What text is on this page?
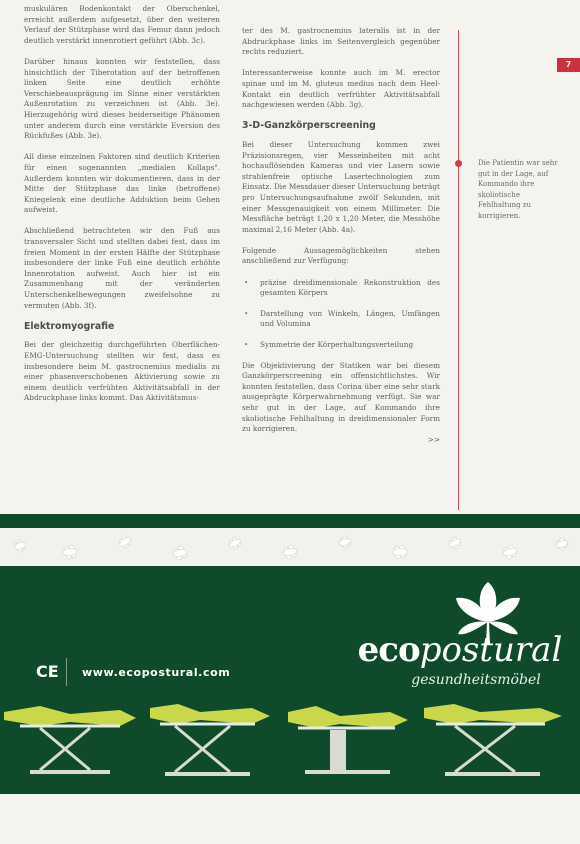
muskulären Bodenkontakt der Oberschenkel, erreicht außerdem aufgesetzt, über den weiteren Verlauf der Stützphase wird das Femur dann jedoch deutlich verstärkt innenrotiert geführt (Abb. 3c).

Darüber hinaus konnten wir feststellen, dass hinsichtlich der Tiberotation auf der betroffenen linken Seite eine deutlich erhöhte Verschiebeausprägung im Sinne einer verstärkten Außenrotation zu verzeichnen ist (Abb. 3e). Hierzugehörig wird dieses beiderseitige Phänomen unter anderem durch eine verstärkte Eversion des Rückfußes (Abb. 3e).

All diese einzelnen Faktoren sind deutlich Kriterien für einen sogenannten „medialen Kollaps". Außerdem konnten wir dokumentieren, dass in der Mitte der Stützphase das linke (betroffene) Kniegelenk eine deutliche Adduktion beim Gehen aufweist.

Abschließend betrachteten wir den Fuß aus transversaler Sicht und stellten dabei fest, dass im freien Moment in der ersten Hälfte der Stützphase insbesondere der linke Fuß eine deutlich erhöhte Innenrotation aufweist. Auch hier ist ein Zusammenhang mit der veränderten Unterschenkelbewegungen zweifelsohne zu vermuten (Abb. 3f).

Elektromyografie

Bei der gleichzeitig durchgeführten Oberflächen-EMG-Untersuchung stellten wir fest, dass es insbesondere beim M. gastrocnemius medialis zu einer phasenverschobenen Aktivierung sowie zu einem deutlich verfrühten Aktivitätsabfall in der Abdruckphase links kommt. Das Aktivitätsmus-

ter des M. gastrocnemius lateralis ist in der Abdruckphase links im Seitenvergleich gegenüber rechts reduziert.

Interessanterweise konnte auch im M. erector spinae und im M. gluteus medius nach dem Heel-Kontakt ein deutlich verfrühter Aktivitätsabfall nachgewiesen werden (Abb. 3g).

3-D-Ganzkörperscreening

Bei dieser Untersuchung kommen zwei Präzisionsregen, vier Messeinheiten mit acht hochauflösenden Kameras und vier Lasern sowie strahlenfreie optische Lasertechnologien zum Einsatz. Die Messdauer dieser Untersuchung beträgt pro Untersuchungsaufnahme zwölf Sekunden, mit einer Messgenauigkeit von einem Millimeter. Die Messfläche beträgt 1,20 x 1,20 Meter, die Messhöhe maximal 2,16 Meter (Abb. 4a).

Folgende Aussagemöglichkeiten stehen anschließend zur Verfügung:

• präzise dreidimensionale Rekonstruktion des gesamten Körpers
• Darstellung von Winkeln, Längen, Umfängen und Volumina
• Symmetrie der Körperhaltungsverteilung

Die Objektivierung der Statiken war bei diesem Ganzkörperscreening ein offensichtlichstes. Wir konnten feststellen, dass Corina über eine sehr stark ausgeprägte Körperwahrnehmung verfügt. Sie war sehr gut in der Lage, auf Kommando ihre skoliotische Fehlhaltung in dreidimensionaler Form zu korrigieren.

>>
7
Die Patientin war sehr gut in der Lage, auf Kommando ihre skoliotische Fehlhaltung zu korrigieren.
ecopostural
gesundheitsmöbel
CE www.ecopostural.com
